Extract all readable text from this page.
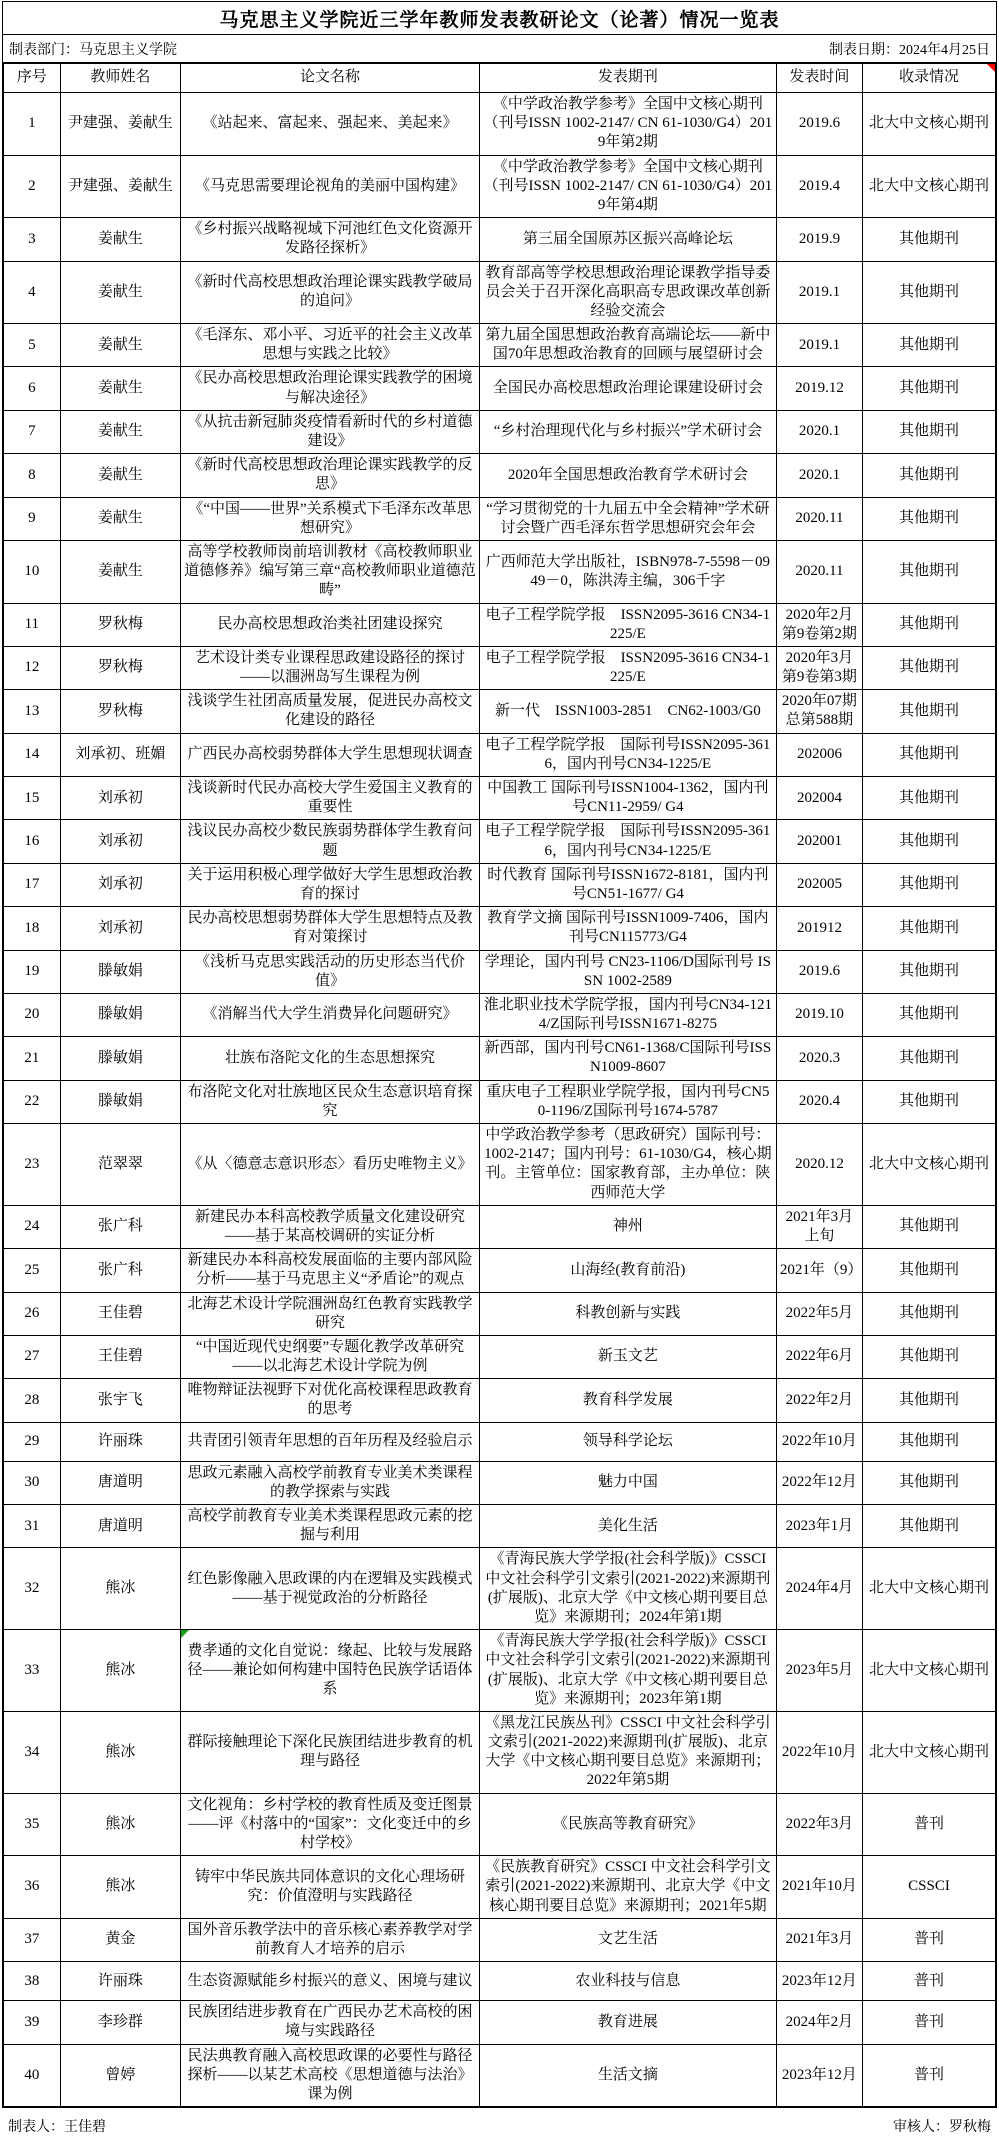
马克思主义学院近三学年教师发表教研论文（论著）情况一览表
制表部门：马克思主义学院	制表日期：2024年4月25日
序号	教师姓名	论文名称	发表期刊	发表时间	收录情况

1	尹建强、姜献生	《站起来、富起来、强起来、美起来》	《中学政治教学参考》全国中文核心期刊（刊号ISSN 1002-2147/ CN 61-1030/G4）2019年第2期	2019.6	北大中文核心期刊
2	尹建强、姜献生	《马克思需要理论视角的美丽中国构建》	《中学政治教学参考》全国中文核心期刊（刊号ISSN 1002-2147/ CN 61-1030/G4）2019年第4期	2019.4	北大中文核心期刊
3	姜献生	《乡村振兴战略视域下河池红色文化资源开发路径探析》	第三届全国原苏区振兴高峰论坛	2019.9	其他期刊
4	姜献生	《新时代高校思想政治理论课实践教学破局的追问》	教育部高等学校思想政治理论课教学指导委员会关于召开深化高职高专思政课改革创新经验交流会	2019.1	其他期刊
5	姜献生	《毛泽东、邓小平、习近平的社会主义改革思想与实践之比较》	第九届全国思想政治教育高端论坛——新中国70年思想政治教育的回顾与展望研讨会	2019.1	其他期刊
6	姜献生	《民办高校思想政治理论课实践教学的困境与解决途径》	全国民办高校思想政治理论课建设研讨会	2019.12	其他期刊
7	姜献生	《从抗击新冠肺炎疫情看新时代的乡村道德建设》	“乡村治理现代化与乡村振兴”学术研讨会	2020.1	其他期刊
8	姜献生	《新时代高校思想政治理论课实践教学的反思》	2020年全国思想政治教育学术研讨会	2020.1	其他期刊
9	姜献生	《“中国——世界”关系模式下毛泽东改革思想研究》	“学习贯彻党的十九届五中全会精神”学术研讨会暨广西毛泽东哲学思想研究会年会	2020.11	其他期刊
10	姜献生	高等学校教师岗前培训教材《高校教师职业道德修养》编写第三章“高校教师职业道德范畴”	广西师范大学出版社，ISBN978-7-5598－0949－0，陈洪涛主编，306千字	2020.11	其他期刊
11	罗秋梅	民办高校思想政治类社团建设探究	电子工程学院学报　ISSN2095-3616 CN34-1225/E	2020年2月第9卷第2期	其他期刊
12	罗秋梅	艺术设计类专业课程思政建设路径的探讨——以涠洲岛写生课程为例	电子工程学院学报　ISSN2095-3616 CN34-1225/E	2020年3月第9卷第3期	其他期刊
13	罗秋梅	浅谈学生社团高质量发展，促进民办高校文化建设的路径	新一代　ISSN1003-2851　CN62-1003/G0	2020年07期总第588期	其他期刊
14	刘承初、班媚	广西民办高校弱势群体大学生思想现状调查	电子工程学院学报　国际刊号ISSN2095-3616，国内刊号CN34-1225/E	202006	其他期刊
15	刘承初	浅谈新时代民办高校大学生爱国主义教育的重要性	中国教工 国际刊号ISSN1004-1362，国内刊号CN11-2959/ G4	202004	其他期刊
16	刘承初	浅议民办高校少数民族弱势群体学生教育问题	电子工程学院学报　国际刊号ISSN2095-3616，国内刊号CN34-1225/E	202001	其他期刊
17	刘承初	关于运用积极心理学做好大学生思想政治教育的探讨	时代教育 国际刊号ISSN1672-8181，国内刊号CN51-1677/ G4	202005	其他期刊
18	刘承初	民办高校思想弱势群体大学生思想特点及教育对策探讨	教育学文摘 国际刊号ISSN1009-7406，国内刊号CN115773/G4	201912	其他期刊
19	滕敏娟	《浅析马克思实践活动的历史形态当代价值》	学理论，国内刊号 CN23-1106/D国际刊号 ISSN 1002-2589	2019.6	其他期刊
20	滕敏娟	《消解当代大学生消费异化问题研究》	淮北职业技术学院学报，国内刊号CN34-1214/Z国际刊号ISSN1671-8275	2019.10	其他期刊
21	滕敏娟	壮族布洛陀文化的生态思想探究	新西部，国内刊号CN61-1368/C国际刊号ISSN1009-8607	2020.3	其他期刊
22	滕敏娟	布洛陀文化对壮族地区民众生态意识培育探究	重庆电子工程职业学院学报，国内刊号CN50-1196/Z国际刊号1674-5787	2020.4	其他期刊
23	范翠翠	《从〈德意志意识形态〉看历史唯物主义》	中学政治教学参考（思政研究）国际刊号：1002-2147；国内刊号：61-1030/G4，核心期刊。主管单位：国家教育部，主办单位：陕西师范大学	2020.12	北大中文核心期刊
24	张广科	新建民办本科高校教学质量文化建设研究——基于某高校调研的实证分析	神州	2021年3月上旬	其他期刊
25	张广科	新建民办本科高校发展面临的主要内部风险分析——基于马克思主义“矛盾论”的观点	山海经(教育前沿)	2021年（9）	其他期刊
26	王佳碧	北海艺术设计学院涠洲岛红色教育实践教学研究	科教创新与实践	2022年5月	其他期刊
27	王佳碧	“中国近现代史纲要”专题化教学改革研究——以北海艺术设计学院为例	新玉文艺	2022年6月	其他期刊
28	张宇飞	唯物辩证法视野下对优化高校课程思政教育的思考	教育科学发展	2022年2月	其他期刊
29	许丽珠	共青团引领青年思想的百年历程及经验启示	领导科学论坛	2022年10月	其他期刊
30	唐道明	思政元素融入高校学前教育专业美术类课程的教学探索与实践	魅力中国	2022年12月	其他期刊
31	唐道明	高校学前教育专业美术类课程思政元素的挖掘与利用	美化生活	2023年1月	其他期刊
32	熊冰	红色影像融入思政课的内在逻辑及实践模式——基于视觉政治的分析路径	《青海民族大学学报(社会科学版)》CSSCI中文社会科学引文索引(2021-2022)来源期刊(扩展版)、北京大学《中文核心期刊要目总览》来源期刊；2024年第1期	2024年4月	北大中文核心期刊
33	熊冰	费孝通的文化自觉说：缘起、比较与发展路径——兼论如何构建中国特色民族学话语体系	《青海民族大学学报(社会科学版)》CSSCI中文社会科学引文索引(2021-2022)来源期刊(扩展版)、北京大学《中文核心期刊要目总览》来源期刊；2023年第1期	2023年5月	北大中文核心期刊
34	熊冰	群际接触理论下深化民族团结进步教育的机理与路径	《黑龙江民族丛刊》CSSCI 中文社会科学引文索引(2021-2022)来源期刊(扩展版)、北京大学《中文核心期刊要目总览》来源期刊；2022年第5期	2022年10月	北大中文核心期刊
35	熊冰	文化视角：乡村学校的教育性质及变迁图景——评《村落中的“国家”：文化变迁中的乡村学校》	《民族高等教育研究》	2022年3月	普刊
36	熊冰	铸牢中华民族共同体意识的文化心理场研究：价值澄明与实践路径	《民族教育研究》CSSCI 中文社会科学引文索引(2021-2022)来源期刊、北京大学《中文核心期刊要目总览》来源期刊；2021年5期	2021年10月	CSSCI
37	黄金	国外音乐教学法中的音乐核心素养教学对学前教育人才培养的启示	文艺生活	2021年3月	普刊
38	许丽珠	生态资源赋能乡村振兴的意义、困境与建议	农业科技与信息	2023年12月	普刊
39	李珍群	民族团结进步教育在广西民办艺术高校的困境与实践路径	教育进展	2024年2月	普刊
40	曾婷	民法典教育融入高校思政课的必要性与路径探析——以某艺术高校《思想道德与法治》课为例	生活文摘	2023年12月	普刊
制表人：王佳碧	审核人：罗秋梅
